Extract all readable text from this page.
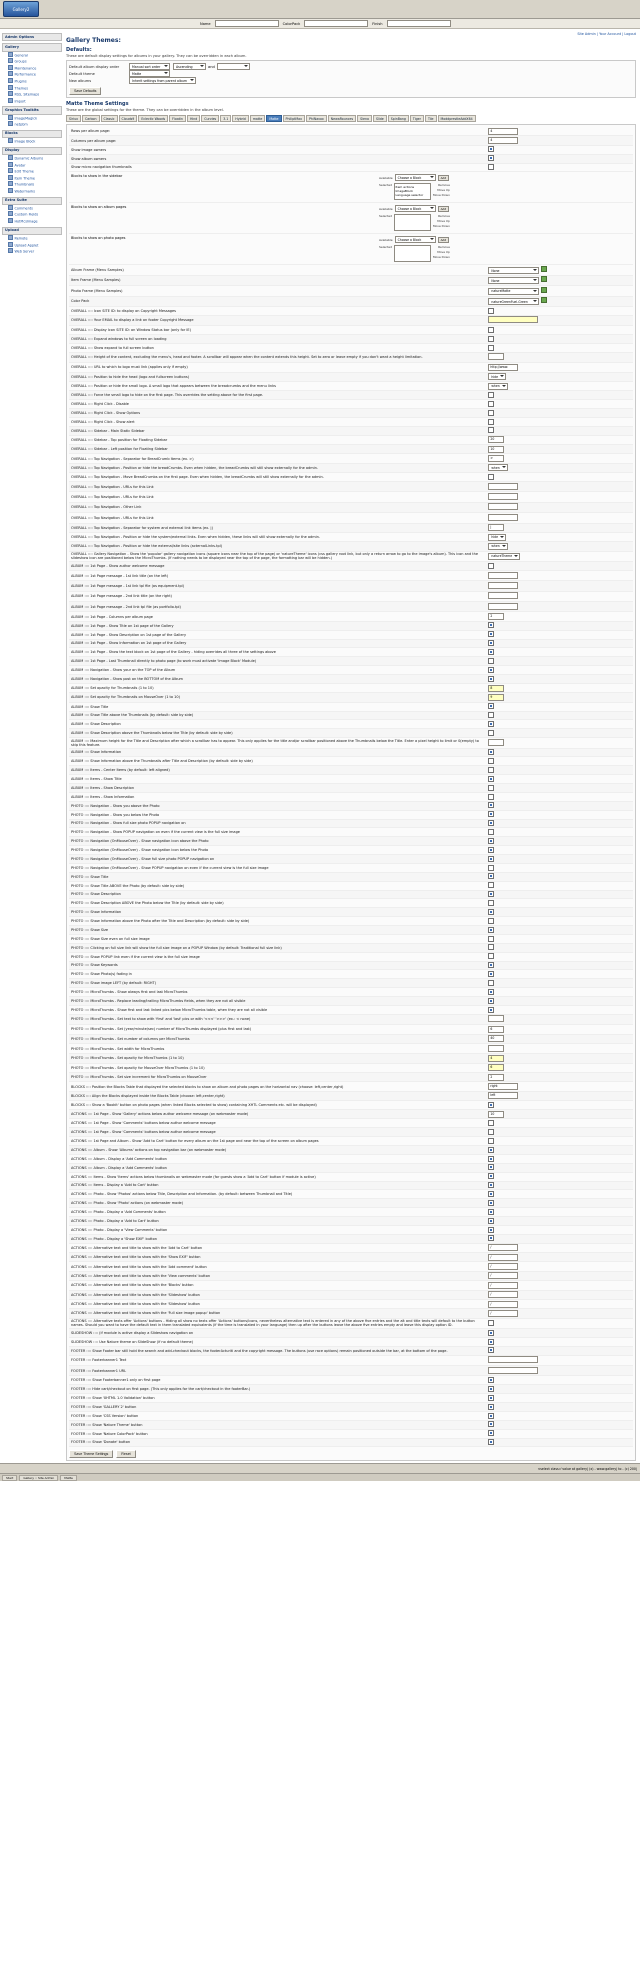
Gallery2
Name	ColorPack	Finish
Admin Options
Gallery
General
Groups
Maintenance
Performance
Plugins
Themes
RSS, Sitemaps
Import
Graphics Toolkits
ImageMagick
netpbm
Blocks
Image Block
Display
Dynamic Albums
Avatar
Edit Theme
Item Theme
Thumbnails
Watermarks
Extra Suite
Comments
Custom Fields
HotPicsImage
Upload
Remote
Upload Applet
Web Server
Site Admin | Your Account | Logout
Gallery Themes:
Defaults:
These are default display settings for albums in your gallery. They can be overridden in each album.
Default album display order	Manual sort order	Ascending	and
Default theme	Matte
New albums	Inherit settings from parent album
Save Defaults
Matte Theme Settings
These are the global settings for the theme. They can be overridden in the album level.
Siriux	Carbon	Classic	Clouds9	Eclectic Woods	Floatin	Hind	Curvies	3.1	Hybrid	matte	Matte	PhiliptMax	PhiNavox	NewaRounces	Siena	Slide	SpinBang	Tiger	Tile	ModdprestleAddX64
Rows per album page:	4
Columns per album page:	4
Show image owners	
Show album owners	
Show micro navigation thumbnails	
Blocks to show in the sidebar	Available	Choose a Block	Add
Selected Item actions
ImageBlock
Language selector
Remove
Move Up
Move Down
Blocks to show on album pages	Available	Choose a Block	Add
Selected	Remove
Move Up
Move Down
Blocks to show on photo pages	Available	Choose a Block	Add
Selected	Remove
Move Up
Move Down
Album Frame (Menu Samples)	None
Item Frame (Menu Samples)	None
Photo Frame (Menu Samples)	natureMatte
Color Pack	natureGreenFuel-Green
OVERALL :::: Icon SITE ID: to display on Copyright Messages	
OVERALL :::: Your EMAIL to display a link on footer Copyright Message	
OVERALL :::: Display Icon SITE ID: on Window Status bar (only for IE)	
OVERALL :::: Expand windows to full screen on loading	
OVERALL :::: Show expand to full screen button	
OVERALL :::: Height of the content, excluding the menu's, head and footer. A scrollbar will appear when the content extends this height. Set to zero or leave empty if you don't want a height limitation.	
OVERALL :::: URL to which to logo must link (applies only if empty)	http://www.
OVERALL :::: Position to hide the head (logo and fullscreen buttons)	hide
OVERALL :::: Position or hide the small logo. A small logo that appears between the breadcrumbs and the menu links	when
OVERALL :::: Force the small logo to hide on the first page. This overrides the setting above for the first page.	
OVERALL :::: Right Click - Disable	
OVERALL :::: Right Click - Show Options	
OVERALL :::: Right Click - Show alert	
OVERALL :::: Sidebar - Main Static Sidebar	
OVERALL :::: Sidebar - Top position for Floating Sidebar	20
OVERALL :::: Sidebar - Left position for Floating Sidebar	10
OVERALL :::: Top Navigation - Separator for BreadCrumb Items (ex. >)	>
OVERALL :::: Top Navigation - Position or hide the breadCrumbs. Even when hidden, the breadCrumbs will still show externally for the admin.	when
OVERALL :::: Top Navigation - Move BreadCrumbs on the first page. Even when hidden, the breadCrumbs will still show externally for the admin.	
OVERALL :::: Top Navigation - URLs for this Link	
OVERALL :::: Top Navigation - URLs for this Link	
OVERALL :::: Top Navigation - Other Link	
OVERALL :::: Top Navigation - URLs for this Link	
OVERALL :::: Top Navigation - Separator for system and external link items (ex. |)	|
OVERALL :::: Top Navigation - Position or hide the system/external links. Even when hidden, these links will still show externally for the admin.	hide
OVERALL :::: Top Navigation - Position or hide the external/site links (acternalLinks.tpl)	when
OVERALL :::: Gallery Navigation - Show the 'popular' gallery navigation icons (square icons near the top of the page) or 'natureTheme' icons (css gallery root link, but only a return arrow to go to the image's album). This icon and the slideshow icon are positioned below the MicroThumbs. (If nothing needs to be displayed near the top of the page, the formatting bar will be hidden.)	natureTheme
ALBUM :::: 1st Page - Show author welcome message	
ALBUM :::: 1st Page message - 1st link title (on the left)	
ALBUM :::: 1st Page message - 1st link tpl file (as equipment.tpl)	
ALBUM :::: 1st Page message - 2nd link title (on the right)	
ALBUM :::: 1st Page message - 2nd link tpl file (as portfolio.tpl)	
ALBUM :::: 1st Page - Columns per album page	2
ALBUM :::: 1st Page - Show Title on 1st page of the Gallery	
ALBUM :::: 1st Page - Show Description on 1st page of the Gallery	
ALBUM :::: 1st Page - Show Information on 1st page of the Gallery	
ALBUM :::: 1st Page - Show the text block on 1st page of the Gallery - hiding overrides all three of the settings above	
ALBUM :::: 1st Page - Last Thumbnail directly to photo page (to work must activate 'Image Block' Module)	
ALBUM :::: Navigation - Show your on the TOP of the Album	
ALBUM :::: Navigation - Show post on the BOTTOM of the Album	
ALBUM :::: Set opacity for Thumbnails (1 to 10)	8
ALBUM :::: Set opacity for Thumbnails on MouseOver (1 to 10)	9
ALBUM :::: Show Title	
ALBUM :::: Show Title above the Thumbnails (by default: side by side)	
ALBUM :::: Show Description	
ALBUM :::: Show Description above the Thumbnails below the Title (by default: side by side)	
ALBUM :::: Maximum height for the Title and Description after which a scrollbar has to appear. This only applies for the title and/or scrollbar positioned above the Thumbnails below the Title. Enter a pixel height to limit or 0(empty) to skip this feature.	
ALBUM :::: Show Information	
ALBUM :::: Show Information above the Thumbnails after Title and Description (by default: side by side)	
ALBUM :::: Items - Center Items (by default: left aligned)	
ALBUM :::: Items - Show Title	
ALBUM :::: Items - Show Description	
ALBUM :::: Items - Show Information	
PHOTO :::: Navigation - Show you above the Photo	
PHOTO :::: Navigation - Show you below the Photo	
PHOTO :::: Navigation - Show full size photo POPUP navigation on	
PHOTO :::: Navigation - Show POPUP navigation on even if the current view is the full size image	
PHOTO :::: Navigation (OnMouseOver) - Show navigation icon above the Photo	
PHOTO :::: Navigation (OnMouseOver) - Show navigation icon below the Photo	
PHOTO :::: Navigation (OnMouseOver) - Show full size photo POPUP navigation on	
PHOTO :::: Navigation (OnMouseOver) - Show POPUP navigation on even if the current view is the full size image	
PHOTO :::: Show Title	
PHOTO :::: Show Title ABOVE the Photo (by default: side by side)	
PHOTO :::: Show Description	
PHOTO :::: Show Description ABOVE the Photo below the Title (by default: side by side)	
PHOTO :::: Show Information	
PHOTO :::: Show Information above the Photo after the Title and Description (by default: side by side)	
PHOTO :::: Show Size	
PHOTO :::: Show Size even on full size image	
PHOTO :::: Clicking on full size link will show the full size image on a POPUP Window (by default: Traditional full size link)	
PHOTO :::: Show POPUP link even if the current view is the full size image	
PHOTO :::: Show Keywords	
PHOTO :::: Show Photo(s) fading in	
PHOTO :::: Show image LEFT (by default: RIGHT)	
PHOTO :::: MicroThumbs - Show always first and last MicroThumbs	
PHOTO :::: MicroThumbs - Replace leading/trailing MicroThumbs fields, when they are not all visible	
PHOTO :::: MicroThumbs - Show first and last linked pics below MicroThumbs table, when they are not all visible	
PHOTO :::: MicroThumbs - Set text to show with 'first' and 'last' pics or with '<<<' '>>>' (ex.: < none)	
PHOTO :::: MicroThumbs - Set (year/minute/sec) number of MicroThumbs displayed (plus first and last)	6
PHOTO :::: MicroThumbs - Set number of columns per MicroThumbs	40
PHOTO :::: MicroThumbs - Set width for MicroThumbs	
PHOTO :::: MicroThumbs - Set opacity for MicroThumbs (1 to 10)	4
PHOTO :::: MicroThumbs - Set opacity for MouseOver MicroThumbs (1 to 10)	6
PHOTO :::: MicroThumbs - Set size increment for MicroThumbs on MouseOver	2
BLOCKS :::: Position the Blocks Table that displayed the selected blocks to show on album and photo pages on the horizontal nav (choose: left,center,right)	right
BLOCKS :::: Align the Blocks displayed inside the Blocks Table (choose: left,center,right)	left
BLOCKS :::: Show a 'Bookit' button on photo pages (when linked Blocks selected to show) containing XHTL Comments etc. will be displayed)	
ACTIONS :::: 1st Page - Show 'Gallery' actions below author welcome message (on webmaster mode)	10
ACTIONS :::: 1st Page - Show 'Comments' buttons below author welcome message	
ACTIONS :::: 1st Page - Show 'Comments' buttons below author welcome message	
ACTIONS :::: 1st Page and Album - Show 'Add to Cart' button for every album on the 1st page and near the top of the screen on album pages	
ACTIONS :::: Album - Show 'Albums' actions on top navigation bar (on webmaster mode)	
ACTIONS :::: Album - Display a 'Add Comments' button	
ACTIONS :::: Album - Display a 'Add Comments' button	
ACTIONS :::: Items - Show 'Items' actions below thumbnails on webmaster mode (for guests show a 'Add to Cart' button if module is active)	
ACTIONS :::: Items - Display a 'Add to Cart' button	
ACTIONS :::: Photo - Show 'Photos' actions below Title, Description and Information. (by default: between Thumbnail and Title)	
ACTIONS :::: Photo - Show 'Photo' actions (on webmaster mode)	
ACTIONS :::: Photo - Display a 'Add Comments' button	
ACTIONS :::: Photo - Display a 'Add to Cart' button	
ACTIONS :::: Photo - Display a 'View Comments' button	
ACTIONS :::: Photo - Display a 'Show EXIF' button	
ACTIONS :::: Alternative text and title to show with the 'Add to Cart' button	/
ACTIONS :::: Alternative text and title to show with the 'Show EXIF' button	/
ACTIONS :::: Alternative text and title to show with the 'Add comment' button	/
ACTIONS :::: Alternative text and title to show with the 'View comments' button	/
ACTIONS :::: Alternative text and title to show with the 'Blocks' button	/
ACTIONS :::: Alternative text and title to show with the 'Slideshow' button	/
ACTIONS :::: Alternative text and title to show with the 'Slideshow' button	/
ACTIONS :::: Alternative text and title to show with the 'Full size image popup' button	/
ACTIONS :::: Alternative texts offer 'Actions' buttons - Hiding all show no texts offer 'Actions' buttons/icons, nevertheless alternative text is entered in any of the above five entries and the alt and title texts will default to the button names. Should you want to have the default text in them translated equivalents (if the time is translated in your language) then up after the buttons leave the above five entries empty and leave this display option ID.	
SLIDESHOW :::: (if module is active display a Slideshow navigation on	
SLIDESHOW :::: Use Nature theme on SlideShow (if no default theme)	
FOOTER :::: Show Footer bar still hold the search and add-checkout blocks, the footerActuriti and the copyright message. The buttons (use race options) remain positioned outside the bar, at the bottom of the page.	
FOOTER :::: Footerbanner1 Text	
FOOTER :::: Footerbanner1 URL	
FOOTER :::: Show Footerbanner1 only on first page	
FOOTER :::: Hide cart/checkout on first page. (This only applies for the cart/checkout in the footerBar.)	
FOOTER :::: Show 'XHTML 1.0 Validation' button	
FOOTER :::: Show 'GALLERY 2' button	
FOOTER :::: Show 'CSS Version' button	
FOOTER :::: Show 'Nature Theme' button	
FOOTER :::: Show 'Nature ColorPack' button	
FOOTER :::: Show 'Donate' button	
Save Theme Settings	Reset
<select class='value at gallery| (x) - www.gallery| to - (c) 200|
Start	Gallery :: Site Admin	Matte
